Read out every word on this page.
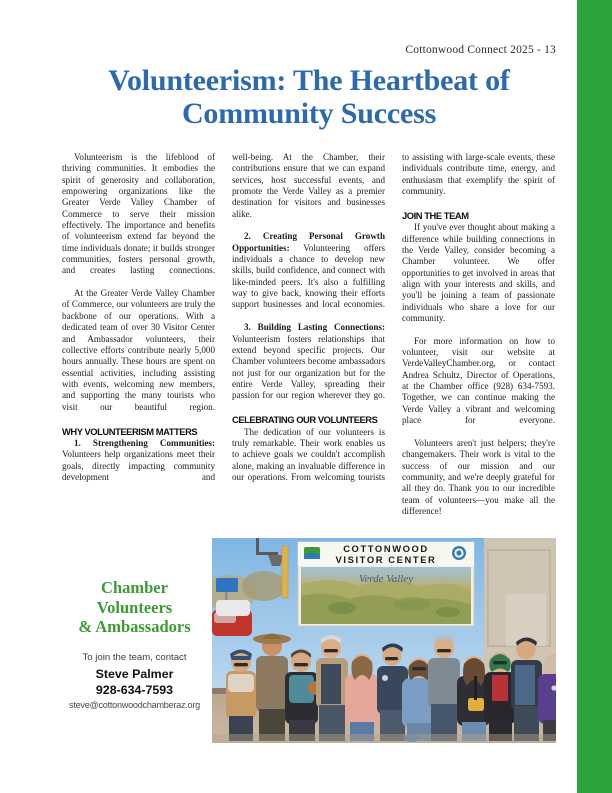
Cottonwood Connect 2025 - 13
Volunteerism: The Heartbeat of
Community Success

Volunteerism is the lifeblood of thriving communities. It embodies the spirit of generosity and collaboration, empowering organizations like the Greater Verde Valley Chamber of Commerce to serve their mission effectively. The importance and benefits of volunteerism extend far beyond the time individuals donate; it builds stronger communities, fosters personal growth, and creates lasting connections.

At the Greater Verde Valley Chamber of Commerce, our volunteers are truly the backbone of our operations. With a dedicated team of over 30 Visitor Center and Ambassador volunteers, their collective efforts contribute nearly 5,000 hours annually. These hours are spent on essential activities, including assisting with events, welcoming new members, and supporting the many tourists who visit our beautiful region.

WHY VOLUNTEERISM MATTERS

1. Strengthening Communities: Volunteers help organizations meet their goals, directly impacting community development and

well-being. At the Chamber, their contributions ensure that we can expand services, host successful events, and promote the Verde Valley as a premier destination for visitors and businesses alike.

2. Creating Personal Growth Opportunities: Volunteering offers individuals a chance to develop new skills, build confidence, and connect with like-minded peers. It's also a fulfilling way to give back, knowing their efforts support businesses and local economies.

3. Building Lasting Connections: Volunteerism fosters relationships that extend beyond specific projects. Our Chamber volunteers become ambassadors not just for our organization but for the entire Verde Valley, spreading their passion for our region wherever they go.

CELEBRATING OUR VOLUNTEERS

The dedication of our volunteers is truly remarkable. Their work enables us to achieve goals we couldn't accomplish alone, making an invaluable difference in our operations. From welcoming tourists

to assisting with large-scale events, these individuals contribute time, energy, and enthusiasm that exemplify the spirit of community.

JOIN THE TEAM

If you've ever thought about making a difference while building connections in the Verde Valley, consider becoming a Chamber volunteer. We offer opportunities to get involved in areas that align with your interests and skills, and you'll be joining a team of passionate individuals who share a love for our community.

For more information on how to volunteer, visit our website at VerdeValleyChamber.org, or contact Andrea Schultz, Director of Operations, at the Chamber office (928) 634-7593. Together, we can continue making the Verde Valley a vibrant and welcoming place for everyone.

Volunteers aren't just helpers; they're changemakers. Their work is vital to the success of our mission and our community, and we're deeply grateful for all they do. Thank you to our incredible team of volunteers—you make all the difference!

Chamber
Volunteers
& Ambassadors
To join the team, contact
Steve Palmer
928-634-7593
steve@cottonwoodchamberaz.org
COTTONWOOD
VISITOR CENTER
Verde Valley
